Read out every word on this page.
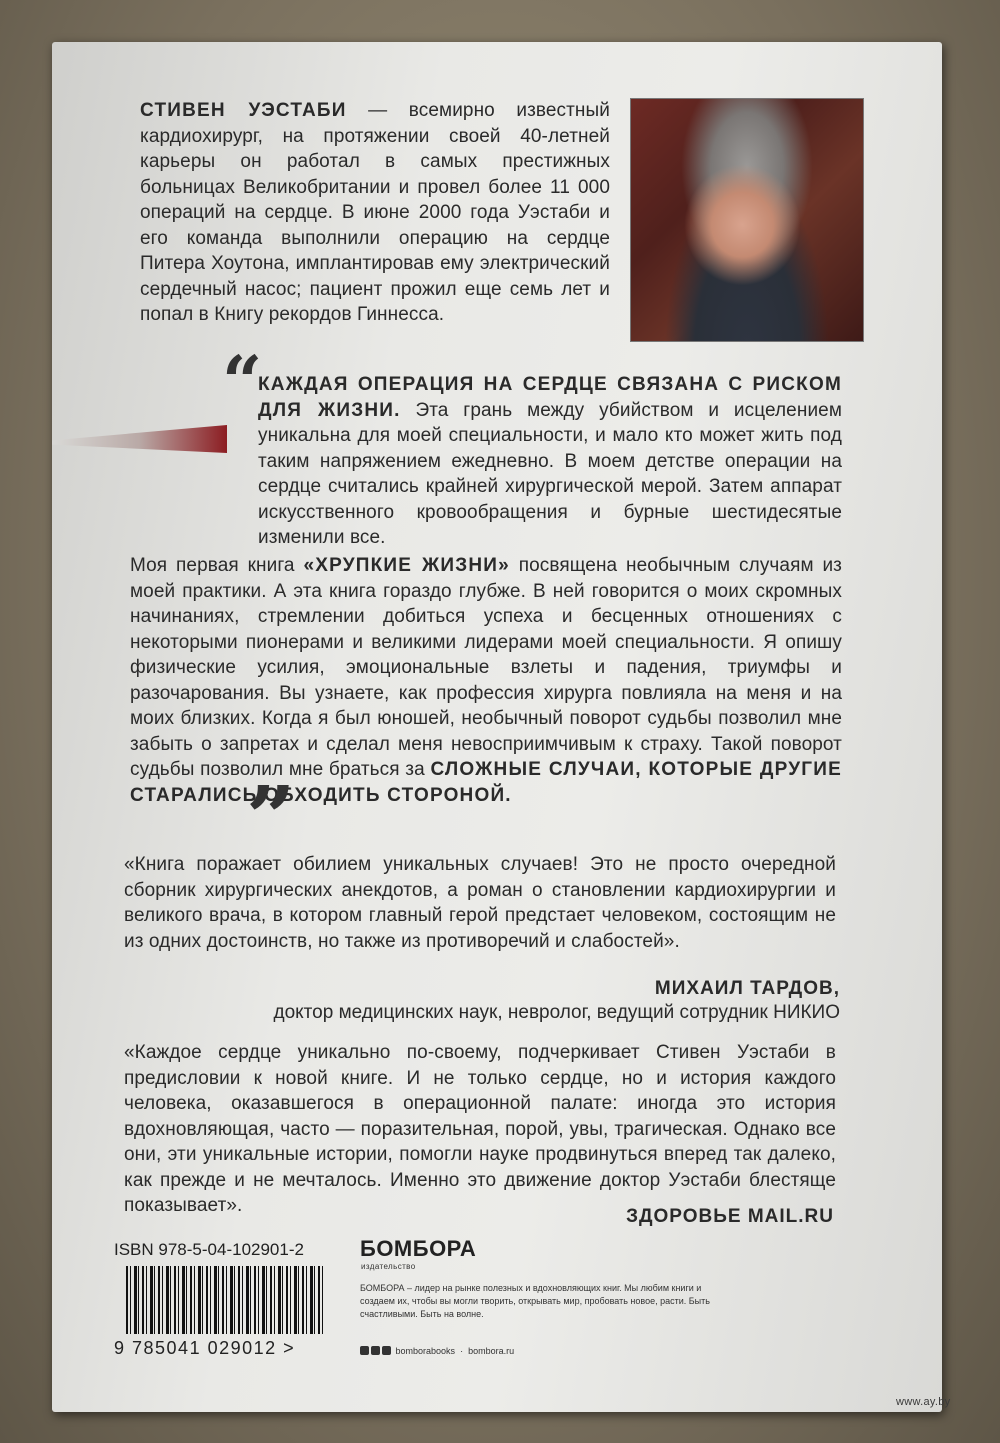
СТИВЕН УЭСТАБИ — всемирно известный кардиохирург, на протяжении своей 40-летней карьеры он работал в самых престижных больницах Великобритании и провел более 11 000 операций на сердце. В июне 2000 года Уэстаби и его команда выполнили операцию на сердце Питера Хоутона, имплантировав ему электрический сердечный насос; пациент прожил еще семь лет и попал в Книгу рекордов Гиннесса.
“
КАЖДАЯ ОПЕРАЦИЯ НА СЕРДЦЕ СВЯЗАНА С РИСКОМ ДЛЯ ЖИЗНИ. Эта грань между убийством и исцелением уникальна для моей специальности, и мало кто может жить под таким напряжением ежедневно. В моем детстве операции на сердце считались крайней хирургической мерой. Затем аппарат искусственного кровообращения и бурные шестидесятые изменили все.
Моя первая книга «ХРУПКИЕ ЖИЗНИ» посвящена необычным случаям из моей практики. А эта книга гораздо глубже. В ней говорится о моих скромных начинаниях, стремлении добиться успеха и бесценных отношениях с некоторыми пионерами и великими лидерами моей специальности. Я опишу физические усилия, эмоциональные взлеты и падения, триумфы и разочарования. Вы узнаете, как профессия хирурга повлияла на меня и на моих близких. Когда я был юношей, необычный поворот судьбы позволил мне забыть о запретах и сделал меня невосприимчивым к страху. Такой поворот судьбы позволил мне браться за СЛОЖНЫЕ СЛУЧАИ, КОТОРЫЕ ДРУГИЕ СТАРАЛИСЬ ОБХОДИТЬ СТОРОНОЙ.
”
«Книга поражает обилием уникальных случаев! Это не просто очередной сборник хирургических анекдотов, а роман о становлении кардиохирургии и великого врача, в котором главный герой предстает человеком, состоящим не из одних достоинств, но также из противоречий и слабостей».
МИХАИЛ ТАРДОВ,
доктор медицинских наук, невролог, ведущий сотрудник НИКИО
«Каждое сердце уникально по-своему, подчеркивает Стивен Уэстаби в предисловии к новой книге. И не только сердце, но и история каждого человека, оказавшегося в операционной палате: иногда это история вдохновляющая, часто — поразительная, порой, увы, трагическая. Однако все они, эти уникальные истории, помогли науке продвинуться вперед так далеко, как прежде и не мечталось. Именно это движение доктор Уэстаби блестяще показывает».
ЗДОРОВЬЕ MAIL.RU
ISBN 978-5-04-102901-2
9 785041 029012 >
БОМБОРА
издательство
БОМБОРА – лидер на рынке полезных и вдохновляющих книг. Мы любим книги и создаем их, чтобы вы могли творить, открывать мир, пробовать новое, расти. Быть счастливыми. Быть на волне.
bomborabooks  ·  bombora.ru
www.ay.by
